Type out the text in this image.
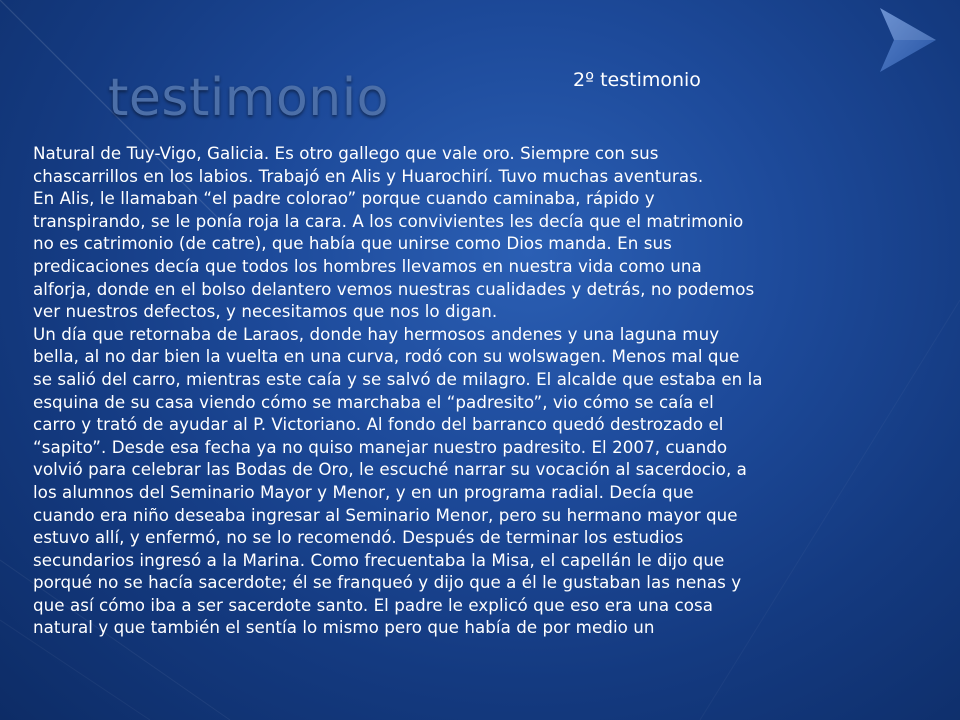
testimonio	2º testimonio
Natural de Tuy-Vigo, Galicia. Es otro gallego que vale oro. Siempre con sus
chascarrillos en los labios. Trabajó en Alis y Huarochirí. Tuvo muchas aventuras.
En Alis, le llamaban “el padre colorao” porque cuando caminaba, rápido y
transpirando, se le ponía roja la cara. A los convivientes les decía que el matrimonio
no es catrimonio (de catre), que había que unirse como Dios manda. En sus
predicaciones decía que todos los hombres llevamos en nuestra vida como una
alforja, donde en el bolso delantero vemos nuestras cualidades y detrás, no podemos
ver nuestros defectos, y necesitamos que nos lo digan.
Un día que retornaba de Laraos, donde hay hermosos andenes y una laguna muy
bella, al no dar bien la vuelta en una curva, rodó con su wolswagen. Menos mal que
se salió del carro, mientras este caía y se salvó de milagro. El alcalde que estaba en la
esquina de su casa viendo cómo se marchaba el “padresito”, vio cómo se caía el
carro y trató de ayudar al P. Victoriano. Al fondo del barranco quedó destrozado el
“sapito”. Desde esa fecha ya no quiso manejar nuestro padresito. El 2007, cuando
volvió para celebrar las Bodas de Oro, le escuché narrar su vocación al sacerdocio, a
los alumnos del Seminario Mayor y Menor, y en un programa radial. Decía que
cuando era niño deseaba ingresar al Seminario Menor, pero su hermano mayor que
estuvo allí, y enfermó, no se lo recomendó. Después de terminar los estudios
secundarios ingresó a la Marina. Como frecuentaba la Misa, el capellán le dijo que
porqué no se hacía sacerdote; él se franqueó y dijo que a él le gustaban las nenas y
que así cómo iba a ser sacerdote santo. El padre le explicó que eso era una cosa
natural y que también el sentía lo mismo pero que había de por medio un
